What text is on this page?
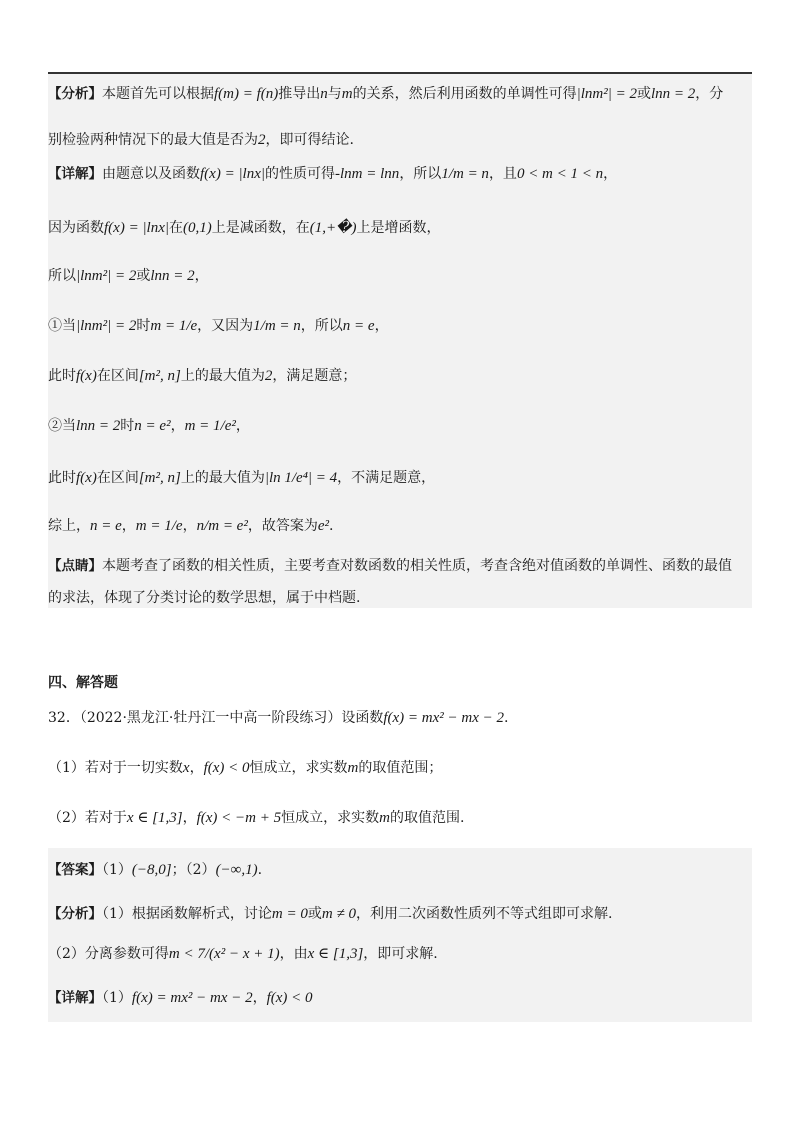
【分析】本题首先可以根据f(m) = f(n)推导出n与m的关系，然后利用函数的单调性可得|lnm²| = 2或lnn = 2，分
别检验两种情况下的最大值是否为2，即可得结论.
【详解】由题意以及函数f(x) = |lnx|的性质可得-lnm = lnn，所以1/m = n，且0 < m < 1 < n，
因为函数f(x) = |lnx|在(0,1)上是减函数，在(1,+�)上是增函数，
所以|lnm²| = 2或lnn = 2，
①当|lnm²| = 2时m = 1/e，又因为1/m = n，所以n = e，
此时f(x)在区间[m², n]上的最大值为2，满足题意；
②当lnn = 2时n = e²，m = 1/e²，
此时f(x)在区间[m², n]上的最大值为|ln 1/e⁴| = 4，不满足题意，
综上，n = e，m = 1/e，n/m = e²，故答案为e².
【点睛】本题考查了函数的相关性质，主要考查对数函数的相关性质，考查含绝对值函数的单调性、函数的最值
的求法，体现了分类讨论的数学思想，属于中档题.
四、解答题
32．（2022·黑龙江·牡丹江一中高一阶段练习）设函数f(x) = mx² − mx − 2.
（1）若对于一切实数x，f(x) < 0恒成立，求实数m的取值范围；
（2）若对于x ∈ [1,3]，f(x) < −m + 5恒成立，求实数m的取值范围.
【答案】（1）(−8,0]；（2）(−∞,1).
【分析】（1）根据函数解析式，讨论m = 0或m ≠ 0，利用二次函数性质列不等式组即可求解.
（2）分离参数可得m < 7/(x² − x + 1)，由x ∈ [1,3]，即可求解.
【详解】（1）f(x) = mx² − mx − 2，f(x) < 0
